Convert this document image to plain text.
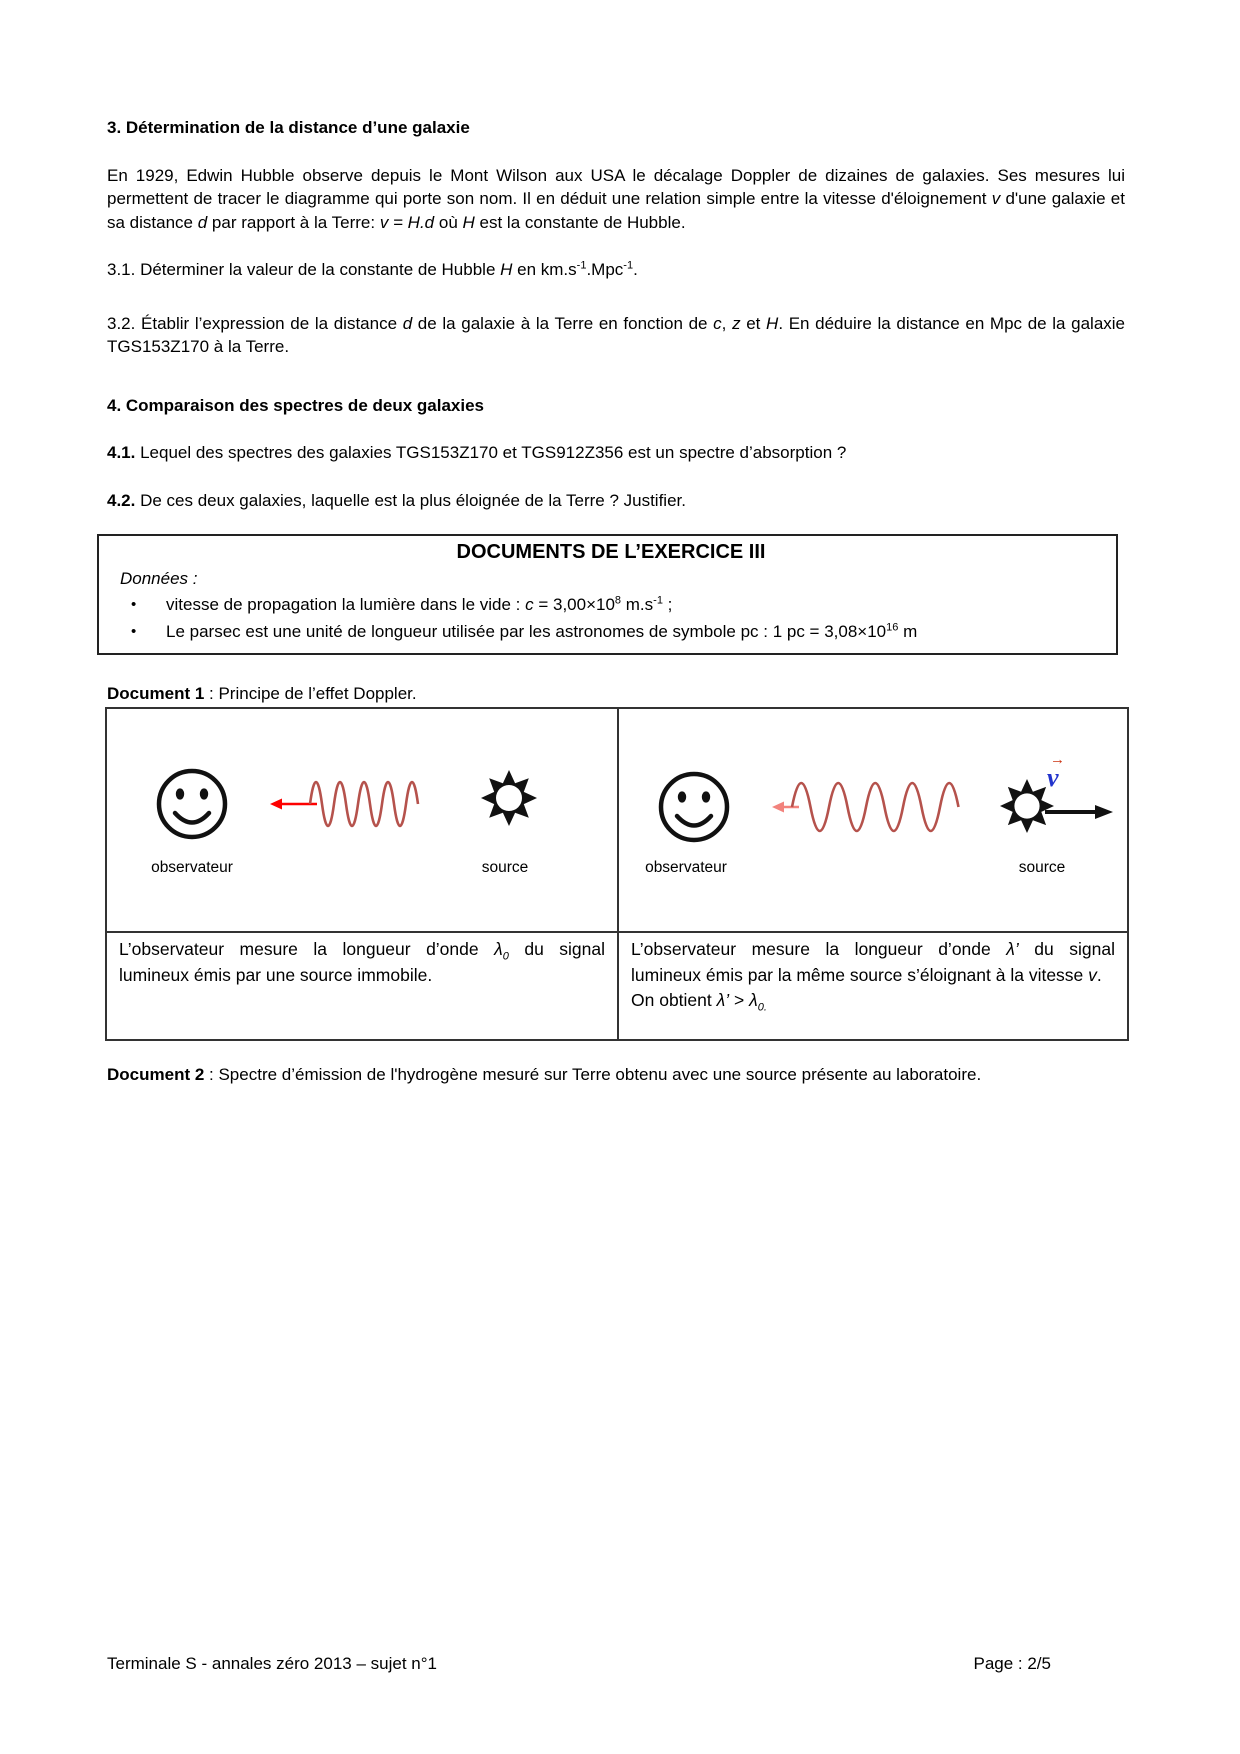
3. Détermination de la distance d’une galaxie

En 1929, Edwin Hubble observe depuis le Mont Wilson aux USA le décalage Doppler de dizaines de galaxies. Ses mesures lui permettent de tracer le diagramme qui porte son nom. Il en déduit une relation simple entre la vitesse d'éloignement v d'une galaxie et sa distance d par rapport à la Terre: v = H.d où H est la constante de Hubble.

3.1. Déterminer la valeur de la constante de Hubble H en $km.s^{-1}.Mpc^{-1}$.

3.2. Établir l’expression de la distance d de la galaxie à la Terre en fonction de c, z et H. En déduire la distance en Mpc de la galaxie TGS153Z170 à la Terre.

4. Comparaison des spectres de deux galaxies

4.1. Lequel des spectres des galaxies TGS153Z170 et TGS912Z356 est un spectre d’absorption ?

4.2. De ces deux galaxies, laquelle est la plus éloignée de la Terre ? Justifier.

DOCUMENTS DE L’EXERCICE III
Données :
•	vitesse de propagation la lumière dans le vide : $c = 3,00\times 10^8$ $m.s^{-1}$ ;
•	Le parsec est une unité de longueur utilisée par les astronomes de symbole pc : 1 pc = $3,08\times 10^{16}$ m

Document 1 : Principe de l’effet Doppler.

observateur	source
→
v
observateur	source

L’observateur mesure la longueur d’onde $\lambda_0$ du signal lumineux émis par une source immobile.

L’observateur mesure la longueur d’onde λ’ du signal lumineux émis par la même source s’éloignant à la vitesse v.

On obtient λ’ > $\lambda_{0.}$

Document 2 : Spectre d’émission de l'hydrogène mesuré sur Terre obtenu avec une source présente au laboratoire.

Terminale S - annales zéro 2013 – sujet n°1	Page : 2/5
